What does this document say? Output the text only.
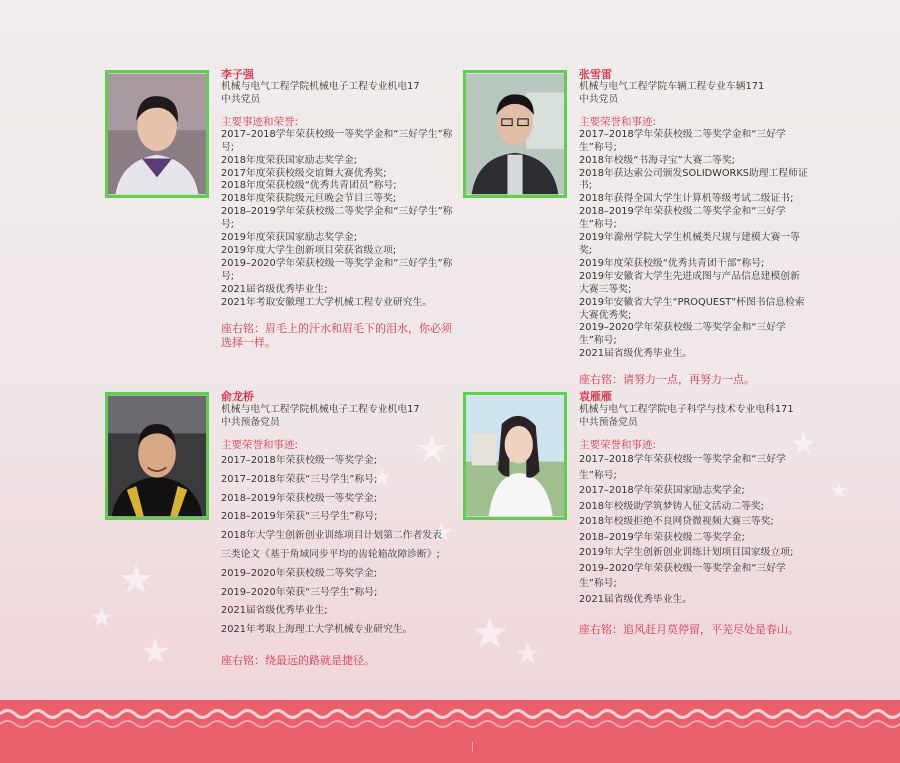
★
★
★
★
★
★	★ ★
★
★
李子强
机械与电气工程学院机械电子工程专业机电17
中共党员
主要事迹和荣誉:
2017–2018学年荣获校级一等奖学金和“三好学生”称号;
2018年度荣获国家励志奖学金;
2017年度荣获校级交谊舞大赛优秀奖;
2018年度荣获校级“优秀共青团员”称号;
2018年度荣获院级元旦晚会节目三等奖;
2018–2019学年荣获校级二等奖学金和“三好学生”称号;
2019年度荣获国家励志奖学金;
2019年度大学生创新项目荣获省级立项;
2019–2020学年荣获校级一等奖学金和“三好学生”称号;
2021届省级优秀毕业生;
2021年考取安徽理工大学机械工程专业研究生。
座右铭：眉毛上的汗水和眉毛下的泪水，你必须选择一样。
张雪雷
机械与电气工程学院车辆工程专业车辆171
中共党员
主要荣誉和事迹:
2017–2018学年荣获校级二等奖学金和“三好学生”称号;
2018年校级“书海寻宝”大赛二等奖;
2018年获达索公司颁发SOLIDWORKS助理工程师证书;
2018年获得全国大学生计算机等级考试二级证书;
2018–2019学年荣获校级二等奖学金和“三好学生”称号;
2019年滁州学院大学生机械类尺规与建模大赛一等奖;
2019年度荣获校级“优秀共青团干部”称号;
2019年安徽省大学生先进成图与产品信息建模创新大赛三等奖;
2019年安徽省大学生“PROQUEST”杯图书信息检索大赛优秀奖;
2019–2020学年荣获校级二等奖学金和“三好学生”称号;
2021届省级优秀毕业生。
座右铭：请努力一点，再努力一点。
俞龙桥
机械与电气工程学院机械电子工程专业机电17
中共预备党员
主要荣誉和事迹:
2017–2018年荣获校级一等奖学金;
2017–2018年荣获“三号学生”称号;
2018–2019年荣获校级一等奖学金;
2018–2019年荣获“三号学生”称号;
2018年大学生创新创业训练项目计划第二作者发表
三类论文《基于角域同步平均的齿轮箱故障诊断》;
2019–2020年荣获校级二等奖学金;
2019–2020年荣获“三号学生”称号;
2021届省级优秀毕业生;
2021年考取上海理工大学机械专业研究生。
座右铭：绕最远的路就是捷径。
袁雁雁
机械与电气工程学院电子科学与技术专业电科171
中共预备党员
主要荣誉和事迹:
2017–2018学年荣获校级一等奖学金和“三好学生”称号;
2017–2018学年荣获国家励志奖学金;
2018年校级助学筑梦铸人征文活动二等奖;
2018年校级拒绝不良网贷微视频大赛三等奖;
2018–2019学年荣获校级二等奖学金;
2019年大学生创新创业训练计划项目国家级立项;
2019–2020学年荣获校级一等奖学金和“三好学生”称号;
2021届省级优秀毕业生。
座右铭：追风赶月莫停留，平芜尽处是春山。
